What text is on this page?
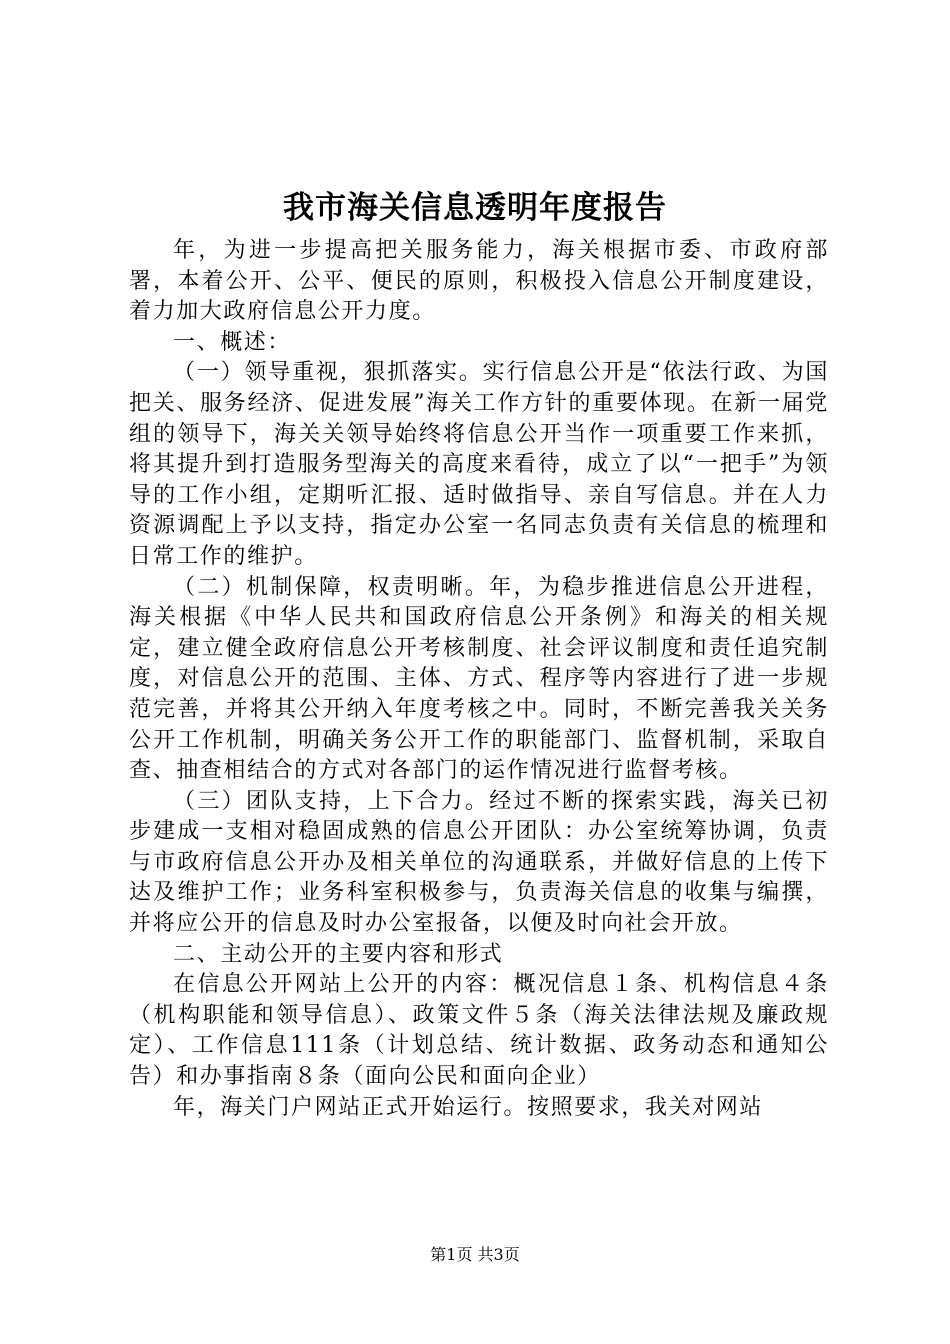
我市海关信息透明年度报告

年，为进一步提高把关服务能力，海关根据市委、市政府部署，本着公开、公平、便民的原则，积极投入信息公开制度建设，着力加大政府信息公开力度。

一、概述：

（一）领导重视，狠抓落实。实行信息公开是“依法行政、为国把关、服务经济、促进发展”海关工作方针的重要体现。在新一届党组的领导下，海关关领导始终将信息公开当作一项重要工作来抓，将其提升到打造服务型海关的高度来看待，成立了以“一把手”为领导的工作小组，定期听汇报、适时做指导、亲自写信息。并在人力资源调配上予以支持，指定办公室一名同志负责有关信息的梳理和日常工作的维护。

（二）机制保障，权责明晰。年，为稳步推进信息公开进程，海关根据《中华人民共和国政府信息公开条例》和海关的相关规定，建立健全政府信息公开考核制度、社会评议制度和责任追究制度，对信息公开的范围、主体、方式、程序等内容进行了进一步规范完善，并将其公开纳入年度考核之中。同时，不断完善我关关务公开工作机制，明确关务公开工作的职能部门、监督机制，采取自查、抽查相结合的方式对各部门的运作情况进行监督考核。

（三）团队支持，上下合力。经过不断的探索实践，海关已初步建成一支相对稳固成熟的信息公开团队：办公室统筹协调，负责与市政府信息公开办及相关单位的沟通联系，并做好信息的上传下达及维护工作；业务科室积极参与，负责海关信息的收集与编撰，并将应公开的信息及时办公室报备，以便及时向社会开放。

二、主动公开的主要内容和形式

在信息公开网站上公开的内容：概况信息１条、机构信息４条（机构职能和领导信息）、政策文件５条（海关法律法规及廉政规定）、工作信息111条（计划总结、统计数据、政务动态和通知公告）和办事指南８条（面向公民和面向企业）

年，海关门户网站正式开始运行。按照要求，我关对网站

第1页 共3页
